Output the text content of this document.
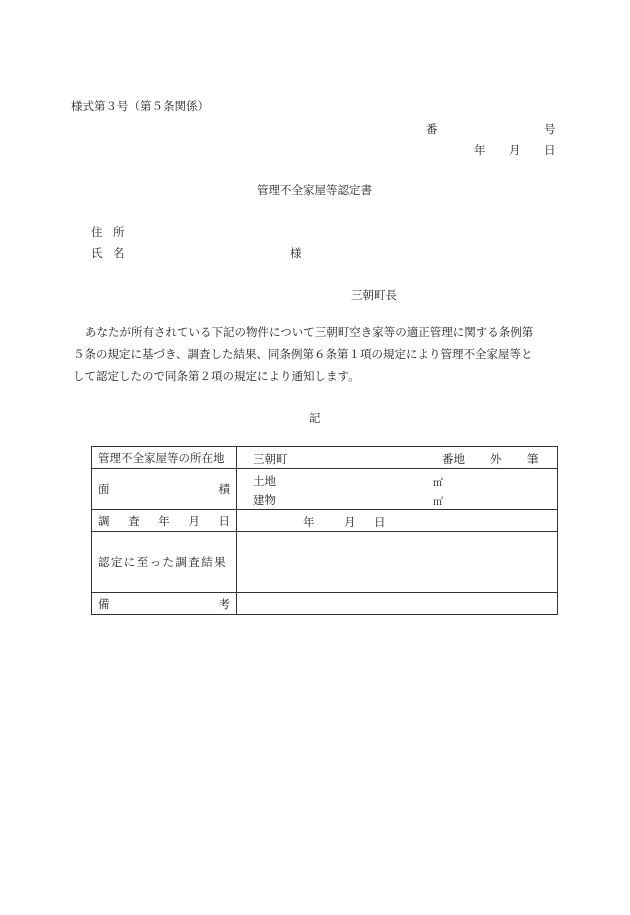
様式第３号（第５条関係）
番	号
年 月 日
管理不全家屋等認定書
住 所
氏 名	様
三朝町長
あなたが所有されている下記の物件について三朝町空き家等の適正管理に関する条例第
５条の規定に基づき、調査した結果、同条例第６条第１項の規定により管理不全家屋等と
して認定したので同条第２項の規定により通知します。
記
管理不全家屋等の所在地	三朝町 番地 外 筆

面 積	土地 ㎡
建物 ㎡

調 査 年 月 日	年 月 日

認定に至った調査結果	

備 考	
